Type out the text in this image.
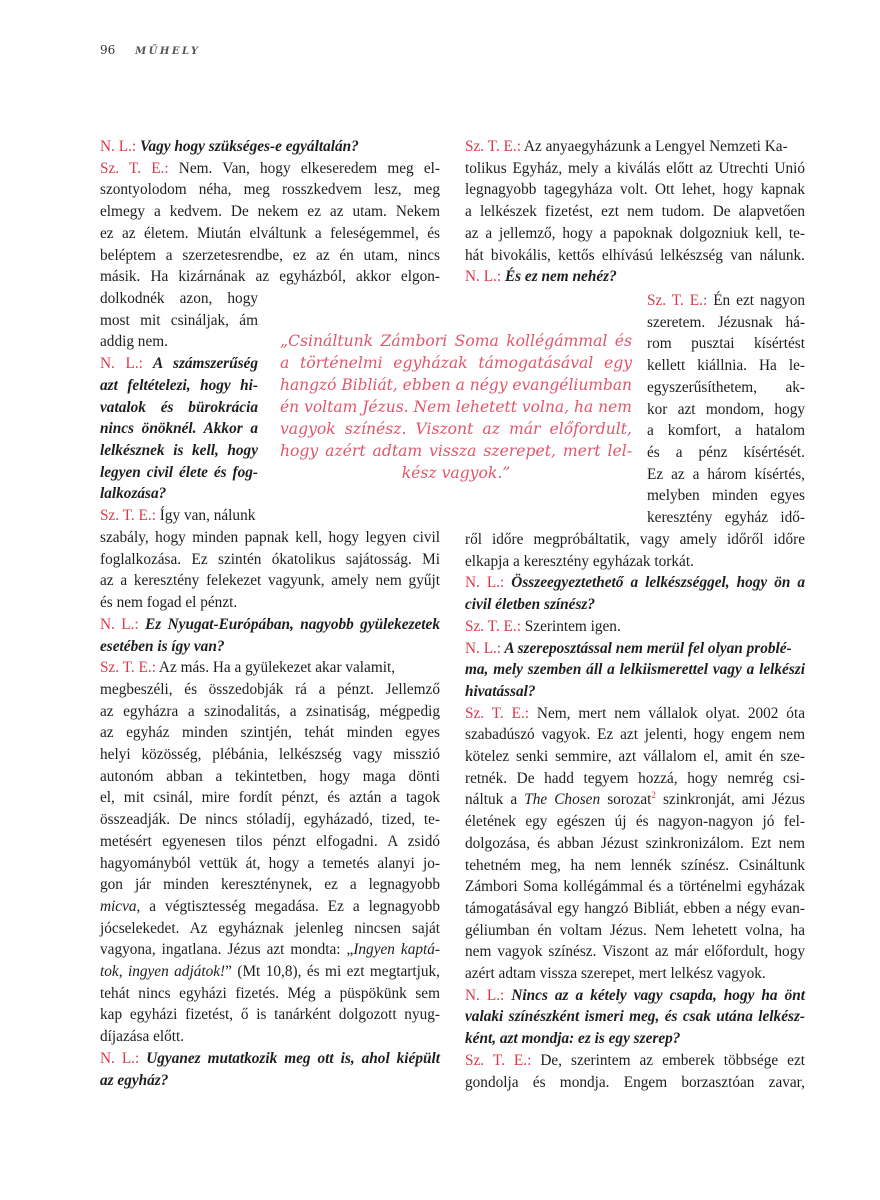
96 MŰHELY
N. L.: Vagy hogy szükséges-e egyáltalán?
Sz. T. E.: Nem. Van, hogy elkeseredem meg el-
szontyolodom néha, meg rosszkedvem lesz, meg
elmegy a kedvem. De nekem ez az utam. Nekem
ez az életem. Miután elváltunk a feleségemmel, és
beléptem a szerzetesrendbe, ez az én utam, nincs
másik. Ha kizárnának az egyházból, akkor elgon-
dolkodnék azon, hogy
most mit csináljak, ám
addig nem.
N. L.: A számszerűség
azt feltételezi, hogy hi-
vatalok és bürokrácia
nincs önöknél. Akkor a
lelkésznek is kell, hogy
legyen civil élete és fog-
lalkozása?
Sz. T. E.: Így van, nálunk
szabály, hogy minden papnak kell, hogy legyen civil
foglalkozása. Ez szintén ókatolikus sajátosság. Mi
az a keresztény felekezet vagyunk, amely nem gyűjt
és nem fogad el pénzt.
N. L.: Ez Nyugat-Európában, nagyobb gyülekezetek
esetében is így van?
Sz. T. E.: Az más. Ha a gyülekezet akar valamit,
megbeszéli, és összedobják rá a pénzt. Jellemző
az egyházra a szinodalitás, a zsinatiság, mégpedig
az egyház minden szintjén, tehát minden egyes
helyi közösség, plébánia, lelkészség vagy misszió
autonóm abban a tekintetben, hogy maga dönti
el, mit csinál, mire fordít pénzt, és aztán a tagok
összeadják. De nincs stóladíj, egyházadó, tized, te-
metésért egyenesen tilos pénzt elfogadni. A zsidó
hagyományból vettük át, hogy a temetés alanyi jo-
gon jár minden kereszténynek, ez a legnagyobb
micva, a végtisztesség megadása. Ez a legnagyobb
jócselekedet. Az egyháznak jelenleg nincsen saját
vagyona, ingatlana. Jézus azt mondta: „Ingyen kaptá-
tok, ingyen adjátok!” (Mt 10,8), és mi ezt megtartjuk,
tehát nincs egyházi fizetés. Még a püspökünk sem
kap egyházi fizetést, ő is tanárként dolgozott nyug-
díjazása előtt.
N. L.: Ugyanez mutatkozik meg ott is, ahol kiépült
az egyház?
Sz. T. E.: Az anyaegyházunk a Lengyel Nemzeti Ka-
tolikus Egyház, mely a kiválás előtt az Utrechti Unió
legnagyobb tagegyháza volt. Ott lehet, hogy kapnak
a lelkészek fizetést, ezt nem tudom. De alapvetően
az a jellemző, hogy a papoknak dolgozniuk kell, te-
hát bivokális, kettős elhívású lelkészség van nálunk.
N. L.: És ez nem nehéz?
Sz. T. E.: Én ezt nagyon
szeretem. Jézusnak há-
rom pusztai kísértést
kellett kiállnia. Ha le-
egyszerűsíthetem, ak-
kor azt mondom, hogy
a komfort, a hatalom
és a pénz kísértését.
Ez az a három kísértés,
melyben minden egyes
keresztény egyház idő-
ről időre megpróbáltatik, vagy amely időről időre
elkapja a keresztény egyházak torkát.
N. L.: Összeegyeztethető a lelkészséggel, hogy ön a
civil életben színész?
Sz. T. E.: Szerintem igen.
N. L.: A szereposztással nem merül fel olyan problé-
ma, mely szemben áll a lelkiismerettel vagy a lelkészi
hivatással?
Sz. T. E.: Nem, mert nem vállalok olyat. 2002 óta
szabadúszó vagyok. Ez azt jelenti, hogy engem nem
kötelez senki semmire, azt vállalom el, amit én sze-
retnék. De hadd tegyem hozzá, hogy nemrég csi-
náltuk a The Chosen sorozat$^2$ szinkronját, ami Jézus
életének egy egészen új és nagyon-nagyon jó fel-
dolgozása, és abban Jézust szinkronizálom. Ezt nem
tehetném meg, ha nem lennék színész. Csináltunk
Zámbori Soma kollégámmal és a történelmi egyházak
támogatásával egy hangzó Bibliát, ebben a négy evan-
géliumban én voltam Jézus. Nem lehetett volna, ha
nem vagyok színész. Viszont az már előfordult, hogy
azért adtam vissza szerepet, mert lelkész vagyok.
N. L.: Nincs az a kétely vagy csapda, hogy ha önt
valaki színészként ismeri meg, és csak utána lelkész-
ként, azt mondja: ez is egy szerep?
Sz. T. E.: De, szerintem az emberek többsége ezt
gondolja és mondja. Engem borzasztóan zavar,
„Csináltunk Zámbori Soma kollégámmal és
a történelmi egyházak támogatásával egy
hangzó Bibliát, ebben a négy evangéliumban
én voltam Jézus. Nem lehetett volna, ha nem
vagyok színész. Viszont az már előfordult,
hogy azért adtam vissza szerepet, mert lel-
kész vagyok.”
